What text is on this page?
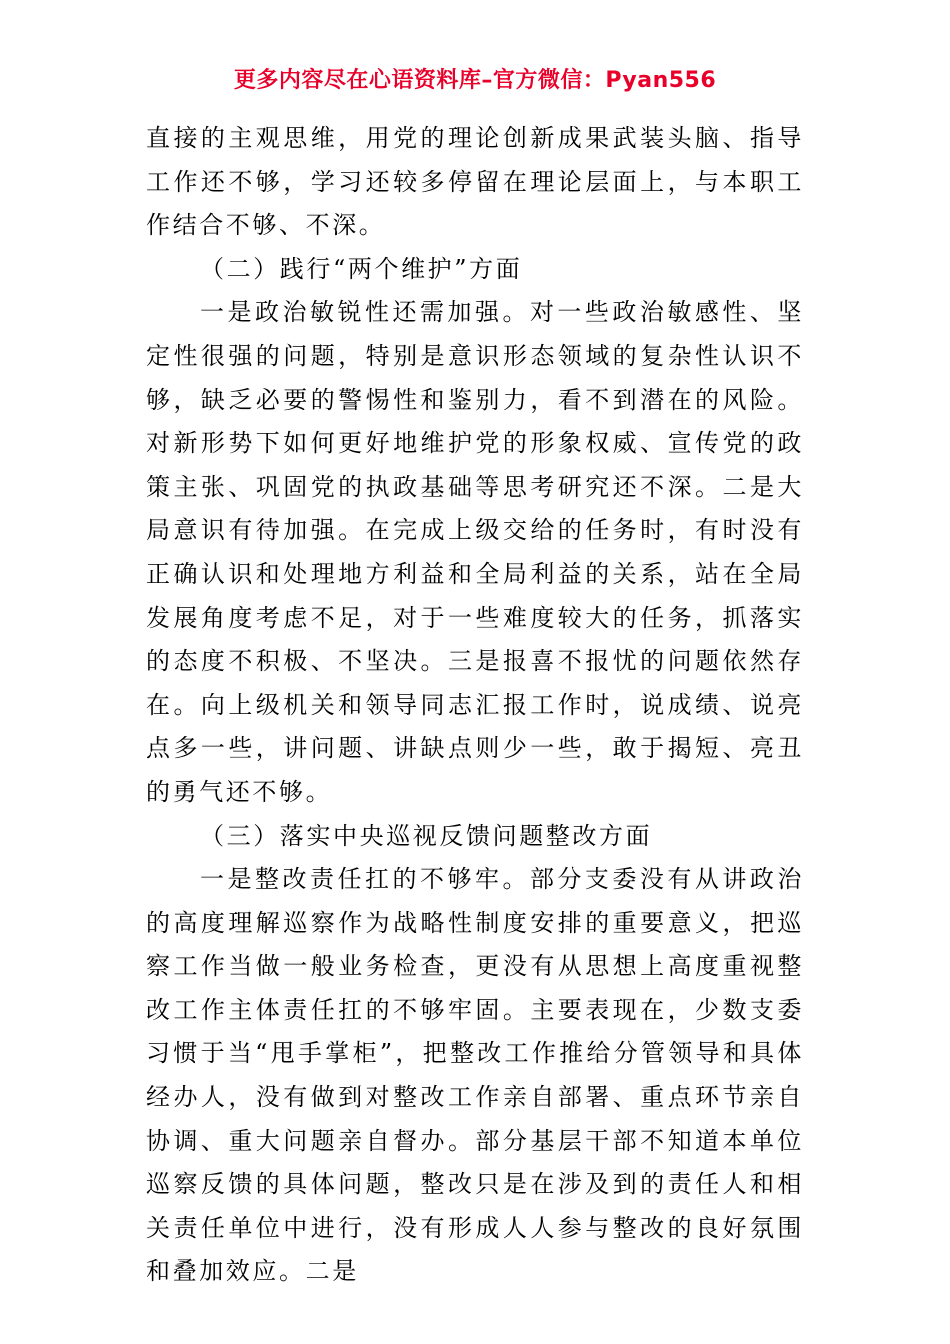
更多内容尽在心语资料库–官方微信：Pyan556

直接的主观思维，用党的理论创新成果武装头脑、指导工作还不够，学习还较多停留在理论层面上，与本职工作结合不够、不深。

（二）践行“两个维护”方面

一是政治敏锐性还需加强。对一些政治敏感性、坚定性很强的问题，特别是意识形态领域的复杂性认识不够，缺乏必要的警惕性和鉴别力，看不到潜在的风险。对新形势下如何更好地维护党的形象权威、宣传党的政策主张、巩固党的执政基础等思考研究还不深。二是大局意识有待加强。在完成上级交给的任务时，有时没有正确认识和处理地方利益和全局利益的关系，站在全局发展角度考虑不足，对于一些难度较大的任务，抓落实的态度不积极、不坚决。三是报喜不报忧的问题依然存在。向上级机关和领导同志汇报工作时，说成绩、说亮点多一些，讲问题、讲缺点则少一些，敢于揭短、亮丑的勇气还不够。

（三）落实中央巡视反馈问题整改方面

一是整改责任扛的不够牢。部分支委没有从讲政治的高度理解巡察作为战略性制度安排的重要意义，把巡察工作当做一般业务检查，更没有从思想上高度重视整改工作主体责任扛的不够牢固。主要表现在，少数支委习惯于当“甩手掌柜”，把整改工作推给分管领导和具体经办人，没有做到对整改工作亲自部署、重点环节亲自协调、重大问题亲自督办。部分基层干部不知道本单位巡察反馈的具体问题，整改只是在涉及到的责任人和相关责任单位中进行，没有形成人人参与整改的良好氛围和叠加效应。二是
